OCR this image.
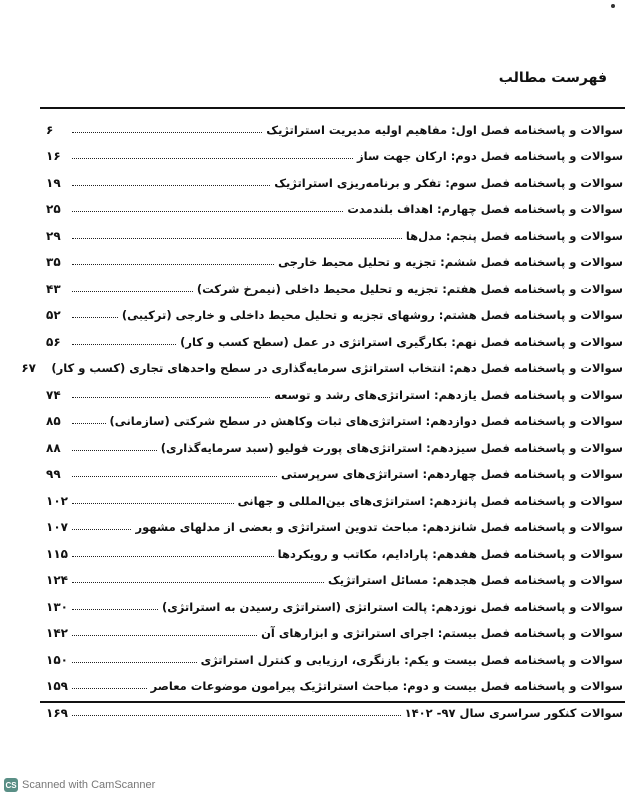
فهرست مطالب
سوالات و پاسخنامه فصل اول: مفاهیم اولیه مدیریت استراتژیک
۶
سوالات و پاسخنامه فصل دوم: ارکان جهت ساز
۱۶
سوالات و پاسخنامه فصل سوم: تفکر و برنامه‌ریزی استراتژیک
۱۹
سوالات و پاسخنامه فصل چهارم: اهداف بلندمدت
۲۵
سوالات و پاسخنامه فصل پنجم: مدل‌ها
۲۹
سوالات و پاسخنامه فصل ششم: تجزیه و تحلیل محیط خارجی
۳۵
سوالات و پاسخنامه فصل هفتم: تجزیه و تحلیل محیط داخلی (نیمرخ شرکت)
۴۳
سوالات و پاسخنامه فصل هشتم: روشهای تجزیه و تحلیل محیط داخلی و خارجی (ترکیبی)
۵۲
سوالات و پاسخنامه فصل نهم: بکارگیری استراتژی در عمل (سطح کسب و کار)
۵۶
سوالات و پاسخنامه فصل دهم: انتخاب استراتژی سرمایه‌گذاری در سطح واحدهای تجاری (کسب و کار)
۶۷
سوالات و پاسخنامه فصل یازدهم: استراتژی‌های رشد و توسعه
۷۴
سوالات و پاسخنامه فصل دوازدهم: استراتژی‌های ثبات وکاهش در سطح شرکتی (سازمانی)
۸۵
سوالات و پاسخنامه فصل سیزدهم: استراتژی‌های پورت فولیو (سبد سرمایه‌گذاری)
۸۸
سوالات و پاسخنامه فصل چهاردهم: استراتژی‌های سرپرستی
۹۹
سوالات و پاسخنامه فصل پانزدهم: استراتژی‌های بین‌المللی و جهانی
۱۰۲
سوالات و پاسخنامه فصل شانزدهم: مباحث تدوین استراتژی و بعضی از مدلهای مشهور
۱۰۷
سوالات و پاسخنامه فصل هفدهم: پارادایم، مکاتب و رویکردها
۱۱۵
سوالات و پاسخنامه فصل هجدهم: مسائل استراتژیک
۱۲۴
سوالات و پاسخنامه فصل نوزدهم: پالت استراتژی (استراتژی رسیدن به استراتژی)
۱۳۰
سوالات و پاسخنامه فصل بیستم: اجرای استراتژی و ابزارهای آن
۱۴۲
سوالات و پاسخنامه فصل بیست و یکم: بازنگری، ارزیابی و کنترل استراتژی
۱۵۰
سوالات و پاسخنامه فصل بیست و دوم: مباحث استراتژیک پیرامون موضوعات معاصر
۱۵۹
سوالات کنکور سراسری سال ۹۷- ۱۴۰۲
۱۶۹
CS Scanned with CamScanner
